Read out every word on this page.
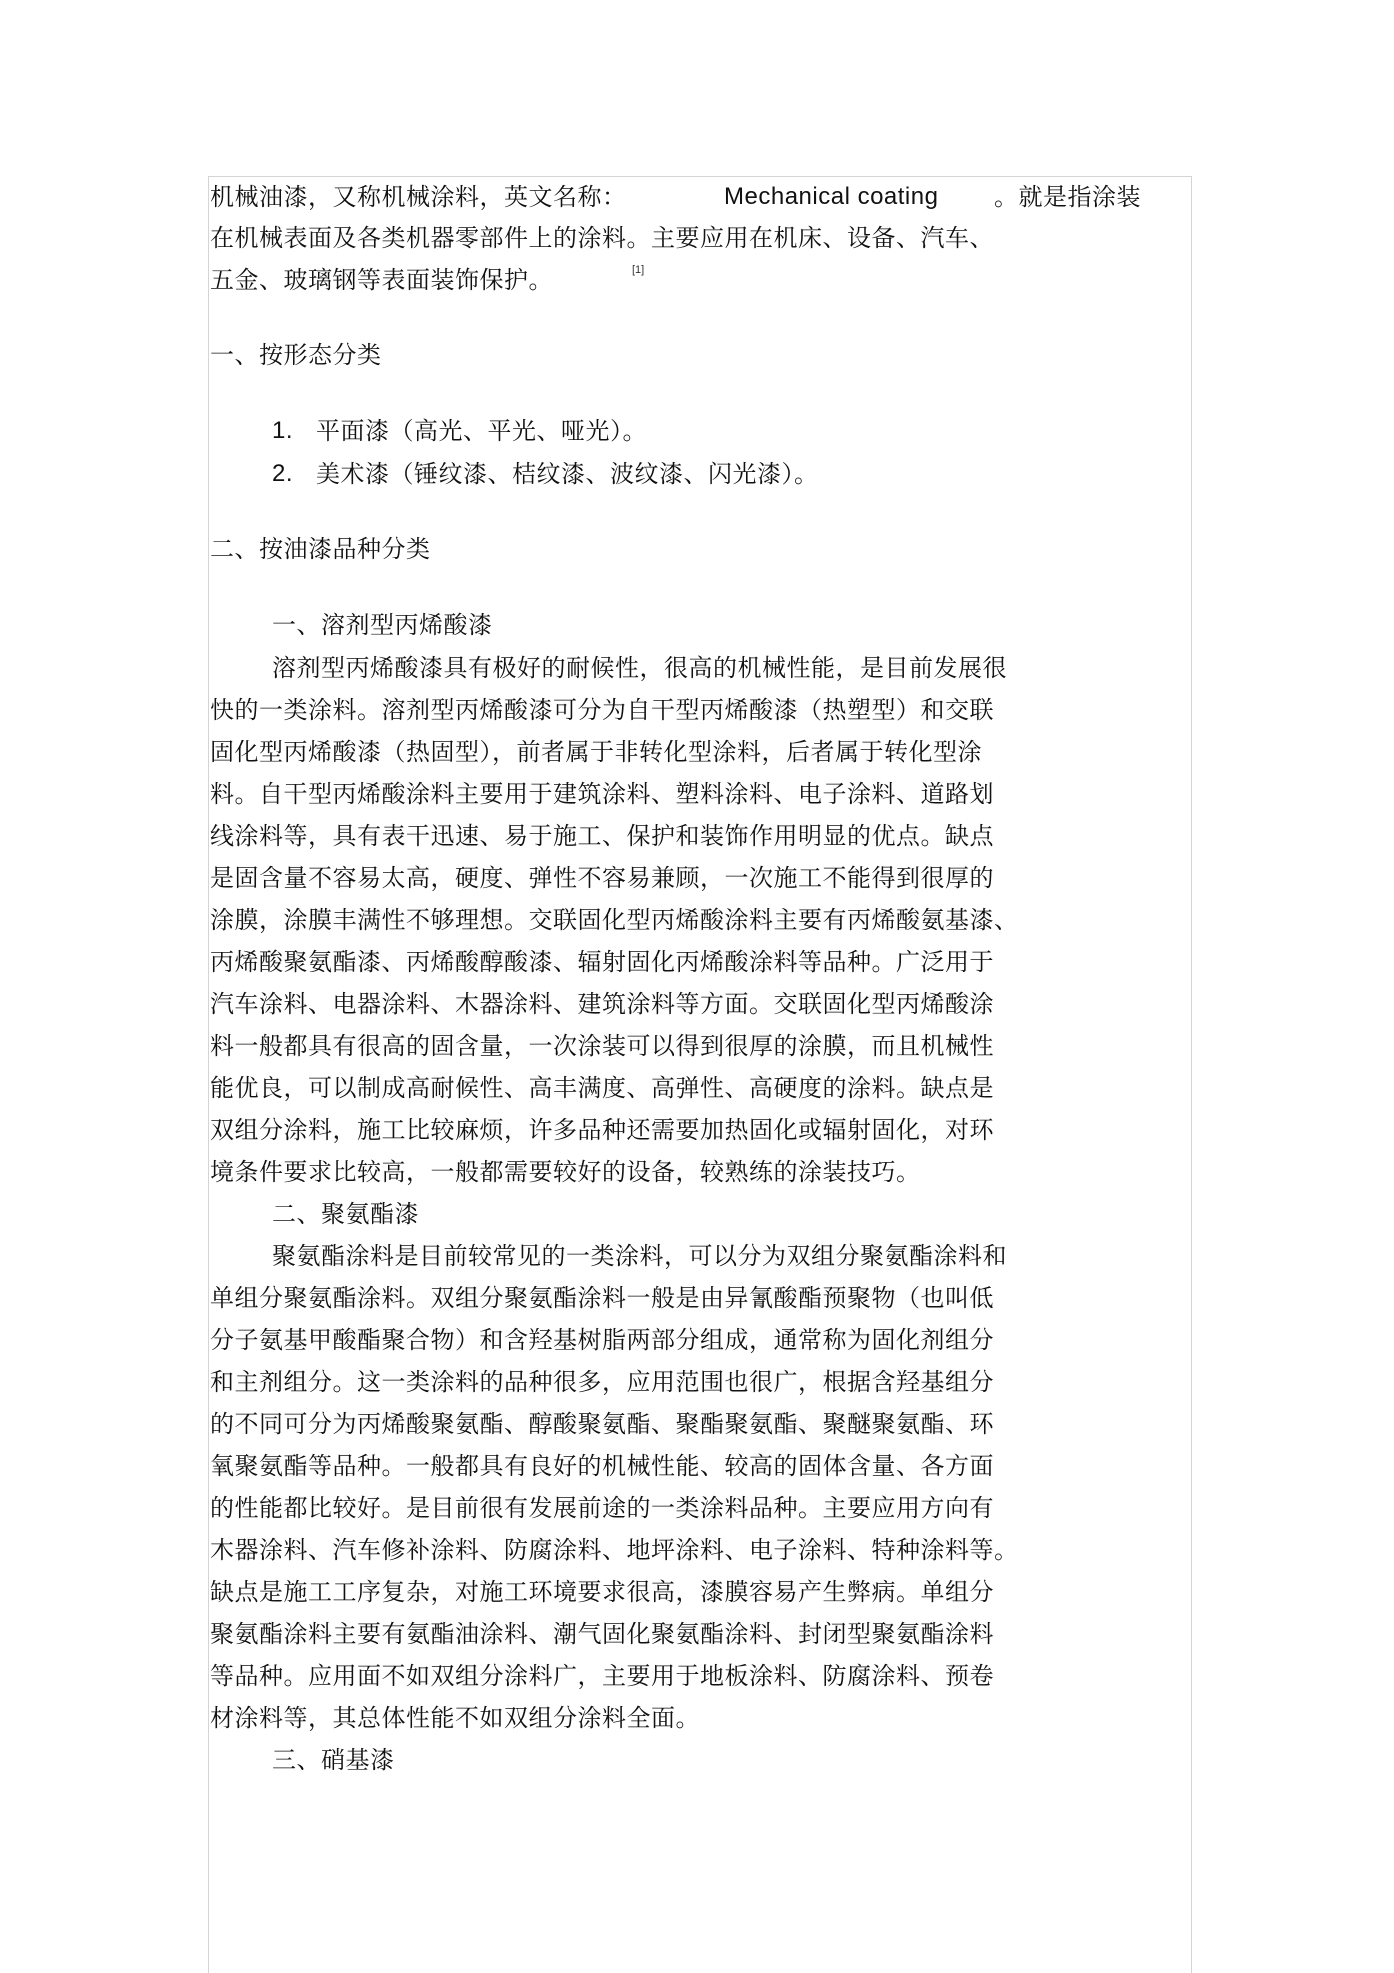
机械油漆，又称机械涂料，英文名称：	Mechanical coating 。就是指涂装
在机械表面及各类机器零部件上的涂料。主要应用在机床、设备、汽车、
五金、玻璃钢等表面装饰保护。	[1]
一、按形态分类
1. 平面漆（高光、平光、哑光）。
2. 美术漆（锤纹漆、桔纹漆、波纹漆、闪光漆）。
二、按油漆品种分类
一、溶剂型丙烯酸漆
溶剂型丙烯酸漆具有极好的耐候性，很高的机械性能，是目前发展很
快的一类涂料。溶剂型丙烯酸漆可分为自干型丙烯酸漆（热塑型）和交联
固化型丙烯酸漆（热固型），前者属于非转化型涂料，后者属于转化型涂
料。自干型丙烯酸涂料主要用于建筑涂料、塑料涂料、电子涂料、道路划
线涂料等，具有表干迅速、易于施工、保护和装饰作用明显的优点。缺点
是固含量不容易太高，硬度、弹性不容易兼顾，一次施工不能得到很厚的
涂膜，涂膜丰满性不够理想。交联固化型丙烯酸涂料主要有丙烯酸氨基漆、
丙烯酸聚氨酯漆、丙烯酸醇酸漆、辐射固化丙烯酸涂料等品种。广泛用于
汽车涂料、电器涂料、木器涂料、建筑涂料等方面。交联固化型丙烯酸涂
料一般都具有很高的固含量，一次涂装可以得到很厚的涂膜，而且机械性
能优良，可以制成高耐候性、高丰满度、高弹性、高硬度的涂料。缺点是
双组分涂料，施工比较麻烦，许多品种还需要加热固化或辐射固化，对环
境条件要求比较高，一般都需要较好的设备，较熟练的涂装技巧。
二、聚氨酯漆
聚氨酯涂料是目前较常见的一类涂料，可以分为双组分聚氨酯涂料和
单组分聚氨酯涂料。双组分聚氨酯涂料一般是由异氰酸酯预聚物（也叫低
分子氨基甲酸酯聚合物）和含羟基树脂两部分组成，通常称为固化剂组分
和主剂组分。这一类涂料的品种很多，应用范围也很广，根据含羟基组分
的不同可分为丙烯酸聚氨酯、醇酸聚氨酯、聚酯聚氨酯、聚醚聚氨酯、环
氧聚氨酯等品种。一般都具有良好的机械性能、较高的固体含量、各方面
的性能都比较好。是目前很有发展前途的一类涂料品种。主要应用方向有
木器涂料、汽车修补涂料、防腐涂料、地坪涂料、电子涂料、特种涂料等。
缺点是施工工序复杂，对施工环境要求很高，漆膜容易产生弊病。单组分
聚氨酯涂料主要有氨酯油涂料、潮气固化聚氨酯涂料、封闭型聚氨酯涂料
等品种。应用面不如双组分涂料广，主要用于地板涂料、防腐涂料、预卷
材涂料等，其总体性能不如双组分涂料全面。
三、硝基漆
